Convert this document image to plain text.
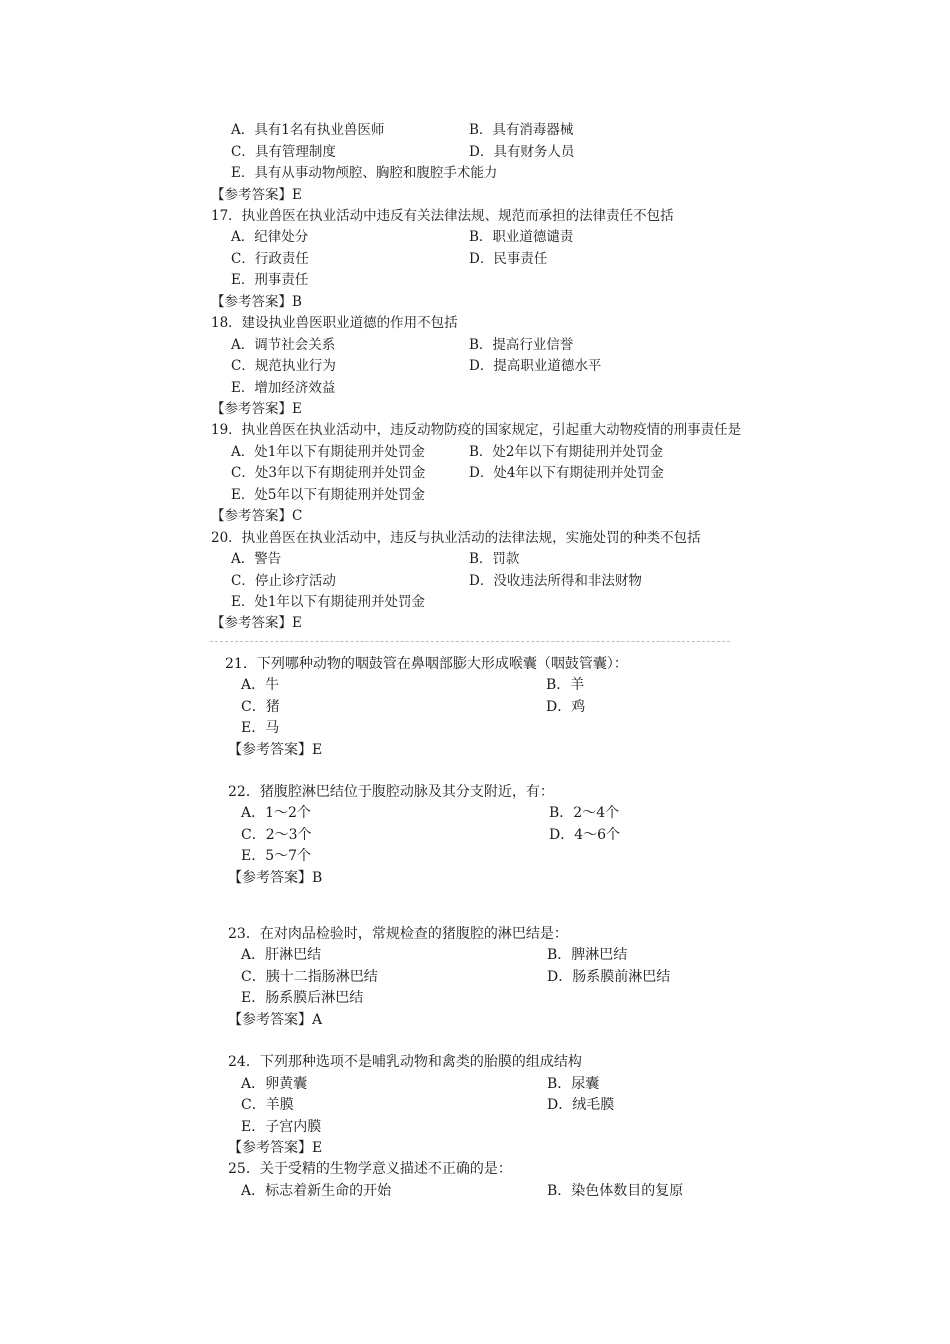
A．具有1名有执业兽医师	B．具有消毒器械
C．具有管理制度	D．具有财务人员
E．具有从事动物颅腔、胸腔和腹腔手术能力
【参考答案】E
17．执业兽医在执业活动中违反有关法律法规、规范而承担的法律责任不包括
A．纪律处分	B．职业道德谴责
C．行政责任	D．民事责任
E．刑事责任
【参考答案】B
18．建设执业兽医职业道德的作用不包括
A．调节社会关系	B．提高行业信誉
C．规范执业行为	D．提高职业道德水平
E．增加经济效益
【参考答案】E
19．执业兽医在执业活动中，违反动物防疫的国家规定，引起重大动物疫情的刑事责任是
A．处1年以下有期徒刑并处罚金	B．处2年以下有期徒刑并处罚金
C．处3年以下有期徒刑并处罚金	D．处4年以下有期徒刑并处罚金
E．处5年以下有期徒刑并处罚金
【参考答案】C
20．执业兽医在执业活动中，违反与执业活动的法律法规，实施处罚的种类不包括
A．警告	B．罚款
C．停止诊疗活动	D．没收违法所得和非法财物
E．处1年以下有期徒刑并处罚金
【参考答案】E
21．下列哪种动物的咽鼓管在鼻咽部膨大形成喉囊（咽鼓管囊）：
A．牛	B．羊
C．猪	D．鸡
E．马
【参考答案】E
22．猪腹腔淋巴结位于腹腔动脉及其分支附近，有：
A．1～2个	B．2～4个
C．2～3个	D．4～6个
E．5～7个
【参考答案】B
23．在对肉品检验时，常规检查的猪腹腔的淋巴结是：
A．肝淋巴结	B．脾淋巴结
C．胰十二指肠淋巴结	D．肠系膜前淋巴结
E．肠系膜后淋巴结
【参考答案】A
24．下列那种选项不是哺乳动物和禽类的胎膜的组成结构
A．卵黄囊	B．尿囊
C．羊膜	D．绒毛膜
E．子宫内膜
【参考答案】E
25．关于受精的生物学意义描述不正确的是：
A．标志着新生命的开始	B．染色体数目的复原
